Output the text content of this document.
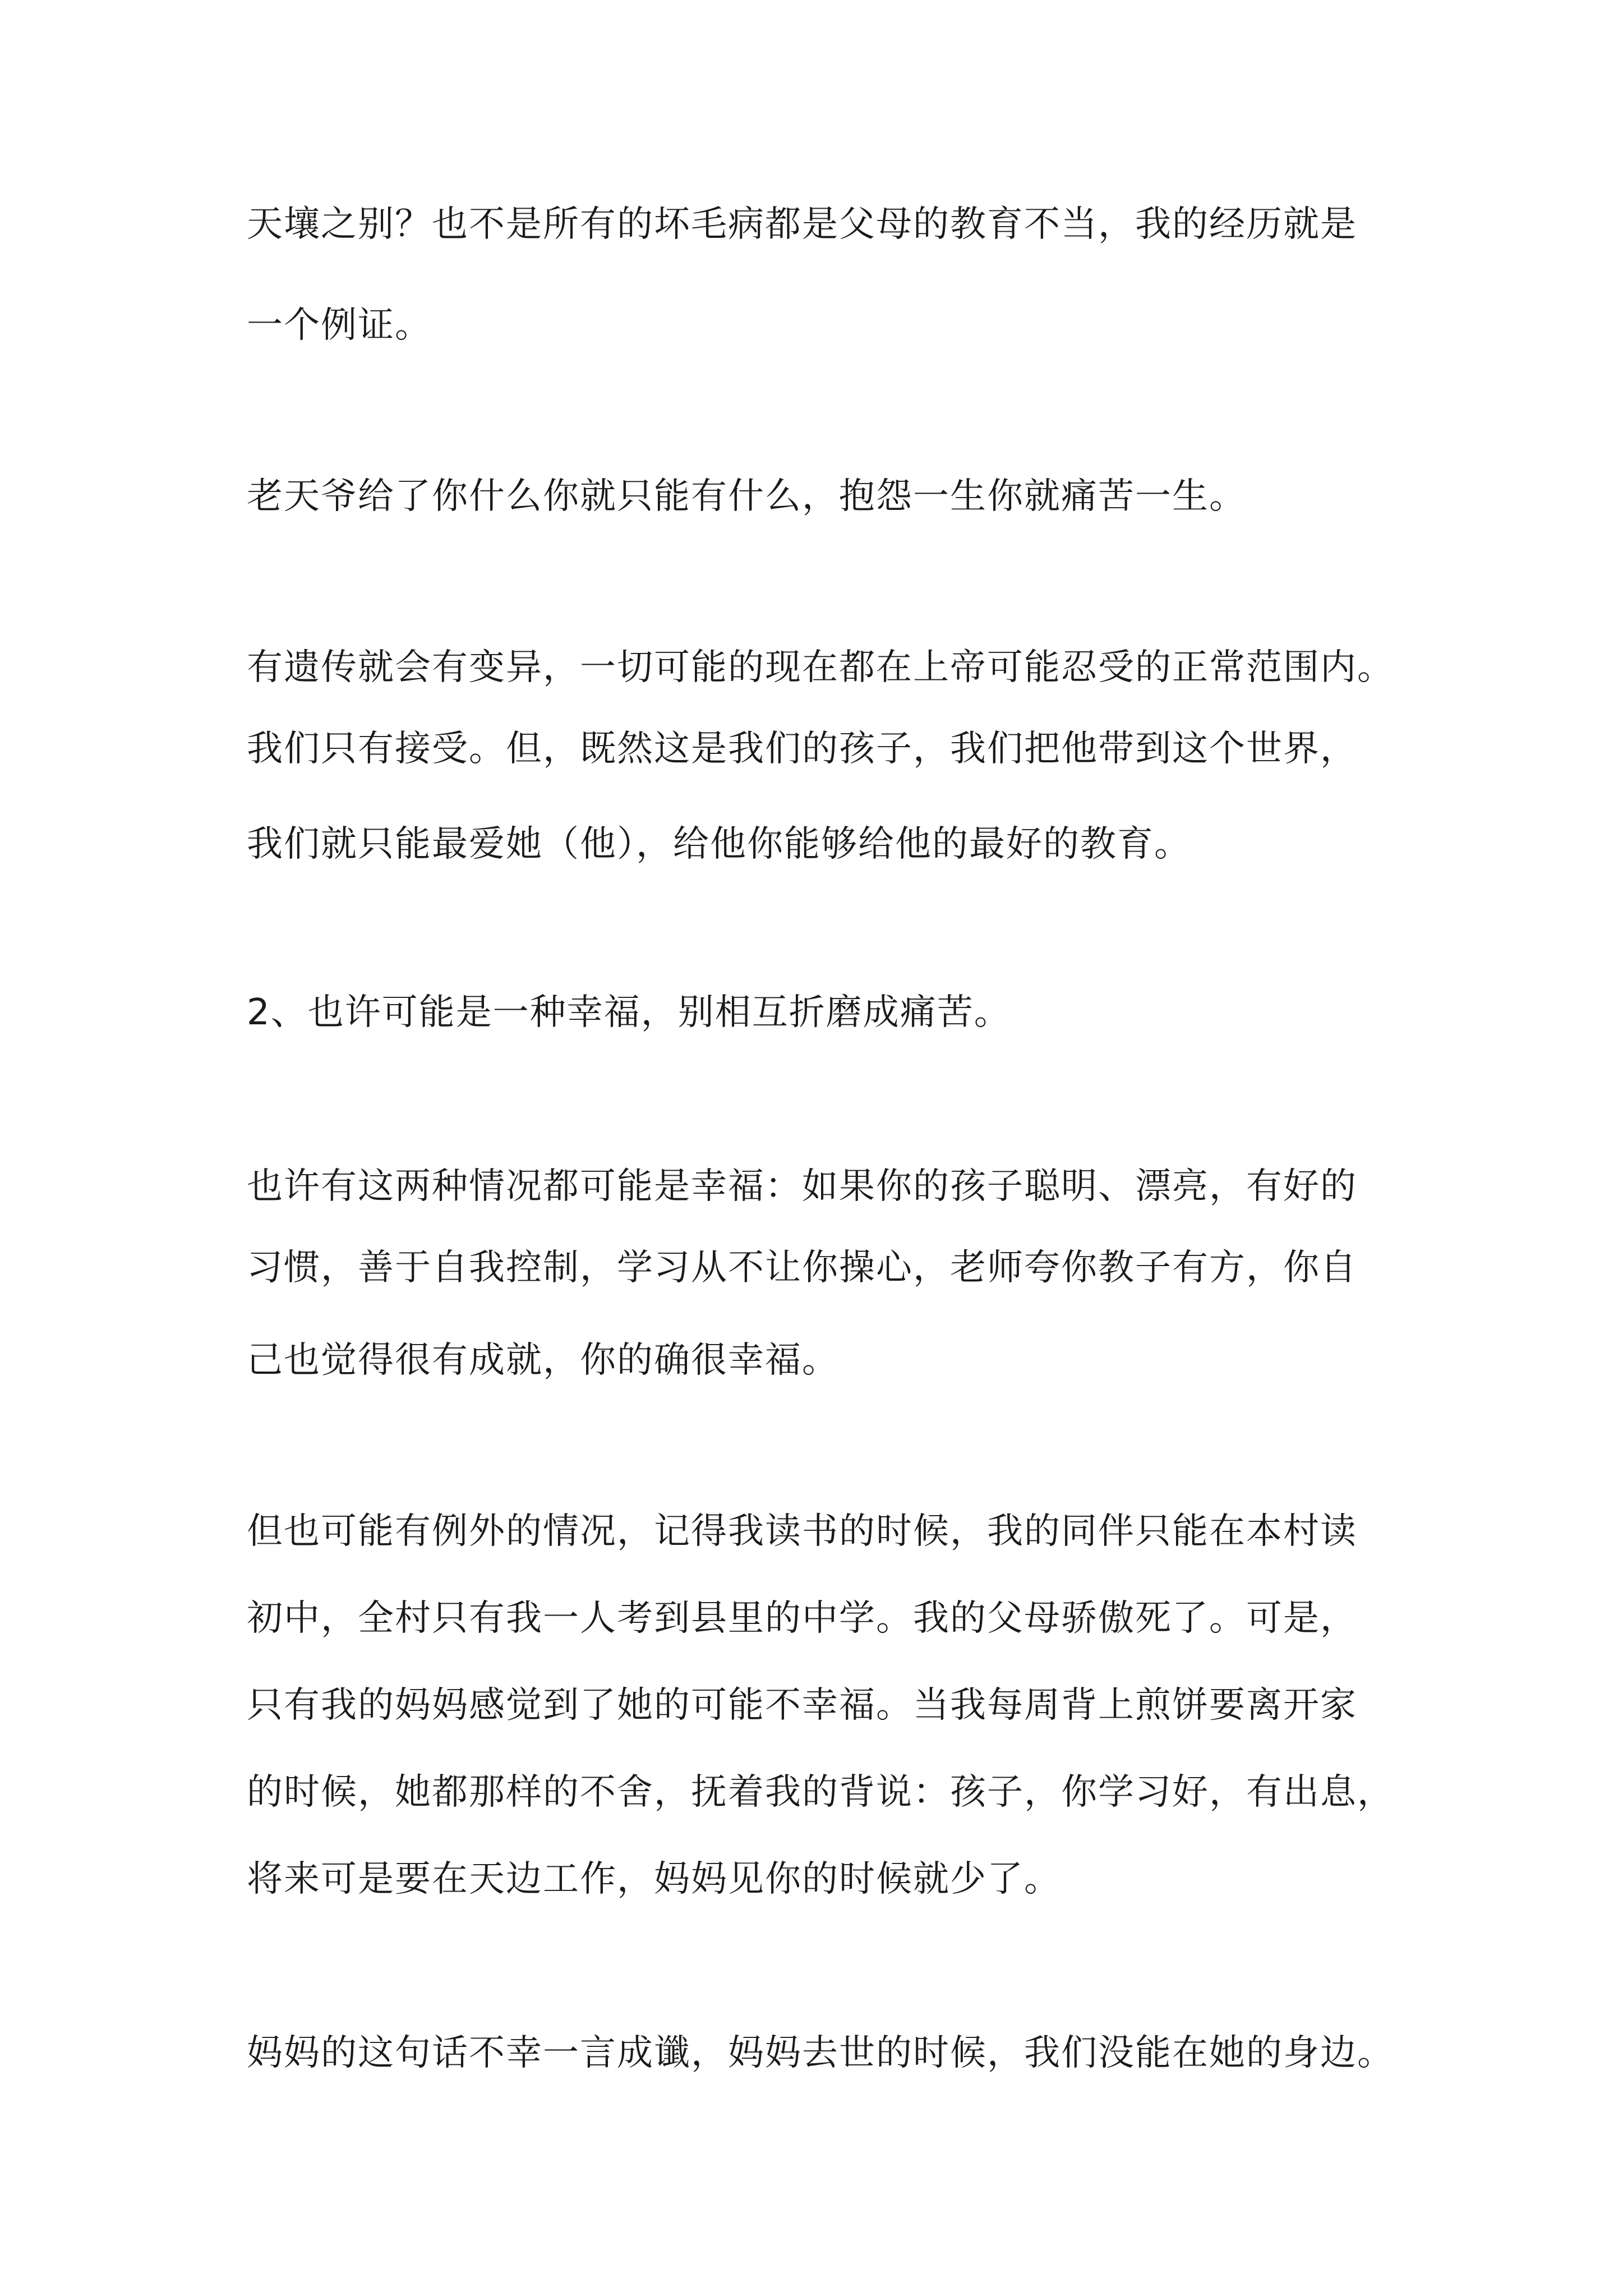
天壤之别？也不是所有的坏毛病都是父母的教育不当，我的经历就是

一个例证。

老天爷给了你什么你就只能有什么，抱怨一生你就痛苦一生。

有遗传就会有变异，一切可能的现在都在上帝可能忍受的正常范围内。

我们只有接受。但，既然这是我们的孩子，我们把他带到这个世界，

我们就只能最爱她（他），给他你能够给他的最好的教育。

2、也许可能是一种幸福，别相互折磨成痛苦。

也许有这两种情况都可能是幸福：如果你的孩子聪明、漂亮，有好的

习惯，善于自我控制，学习从不让你操心，老师夸你教子有方，你自

己也觉得很有成就，你的确很幸福。

但也可能有例外的情况，记得我读书的时候，我的同伴只能在本村读

初中，全村只有我一人考到县里的中学。我的父母骄傲死了。可是，

只有我的妈妈感觉到了她的可能不幸福。当我每周背上煎饼要离开家

的时候，她都那样的不舍，抚着我的背说：孩子，你学习好，有出息，

将来可是要在天边工作，妈妈见你的时候就少了。

妈妈的这句话不幸一言成谶，妈妈去世的时候，我们没能在她的身边。
